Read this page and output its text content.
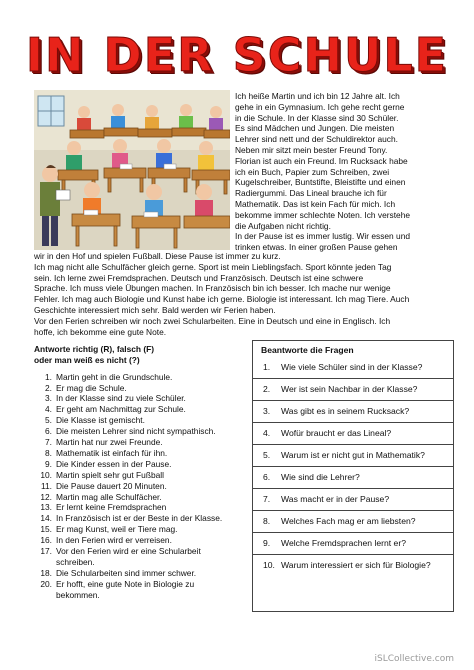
IN DER SCHULE
Ich heiße Martin und ich bin 12 Jahre alt. Ich
gehe in ein Gymnasium. Ich gehe recht gerne
in die Schule. In der Klasse sind 30 Schüler.
Es sind Mädchen und Jungen. Die meisten
Lehrer sind nett und der Schuldirektor auch.
Neben mir sitzt mein bester Freund Tony.
Florian ist auch ein Freund. Im Rucksack habe
ich ein Buch, Papier zum Schreiben, zwei
Kugelschreiber, Buntstifte, Bleistifte und einen
Radiergummi. Das Lineal brauche ich für
Mathematik. Das ist kein Fach für mich. Ich
bekomme immer schlechte Noten. Ich verstehe
die Aufgaben nicht richtig.
In der Pause ist es immer lustig. Wir essen und
trinken etwas. In einer großen Pause gehen
wir in den Hof und spielen Fußball. Diese Pause ist immer zu kurz.
Ich mag nicht alle Schulfächer gleich gerne. Sport ist mein Lieblingsfach. Sport könnte jeden Tag
sein. Ich lerne zwei Fremdsprachen. Deutsch und Französisch. Deutsch ist eine schwere
Sprache. Ich muss viele Übungen machen. In Französisch bin ich besser. Ich mache nur wenige
Fehler. Ich mag auch Biologie und Kunst habe ich gerne. Biologie ist interessant. Ich mag Tiere. Auch
Geschichte interessiert mich sehr. Bald werden wir Ferien haben.
Vor den Ferien schreiben wir noch zwei Schularbeiten. Eine in Deutsch und eine in Englisch. Ich
hoffe, ich bekomme eine gute Note.
Antworte richtig (R), falsch (F)
oder man weiß es nicht (?)
1. Martin geht in die Grundschule.
2. Er mag die Schule.
3. In der Klasse sind zu viele Schüler.
4. Er geht am Nachmittag zur Schule.
5. Die Klasse ist gemischt.
6. Die meisten Lehrer sind nicht sympathisch.
7. Martin hat nur zwei Freunde.
8. Mathematik ist einfach für ihn.
9. Die Kinder essen in der Pause.
10. Martin spielt sehr gut Fußball
11. Die Pause dauert 20 Minuten.
12. Martin mag alle Schulfächer.
13. Er lernt keine Fremdsprachen
14. In Französisch ist er der Beste in der Klasse.
15. Er mag Kunst, weil er Tiere mag.
16. In den Ferien wird er verreisen.
17. Vor den Ferien wird er eine Schularbeit schreiben.
18. Die Schularbeiten sind immer schwer.
20. Er hofft, eine gute Note in Biologie zu bekommen.
Beantworte die Fragen
1.	Wie viele Schüler sind in der Klasse?
2.	Wer ist sein Nachbar in der Klasse?
3.	Was gibt es in seinem Rucksack?
4.	Wofür braucht er das Lineal?
5.	Warum ist er nicht gut in Mathematik?
6.	Wie sind die Lehrer?
7.	Was macht er in der Pause?
8.	Welches Fach mag er am liebsten?
9.	Welche Fremdsprachen lernt er?
10. Warum interessiert er sich für Biologie?
iSLCollective.com
